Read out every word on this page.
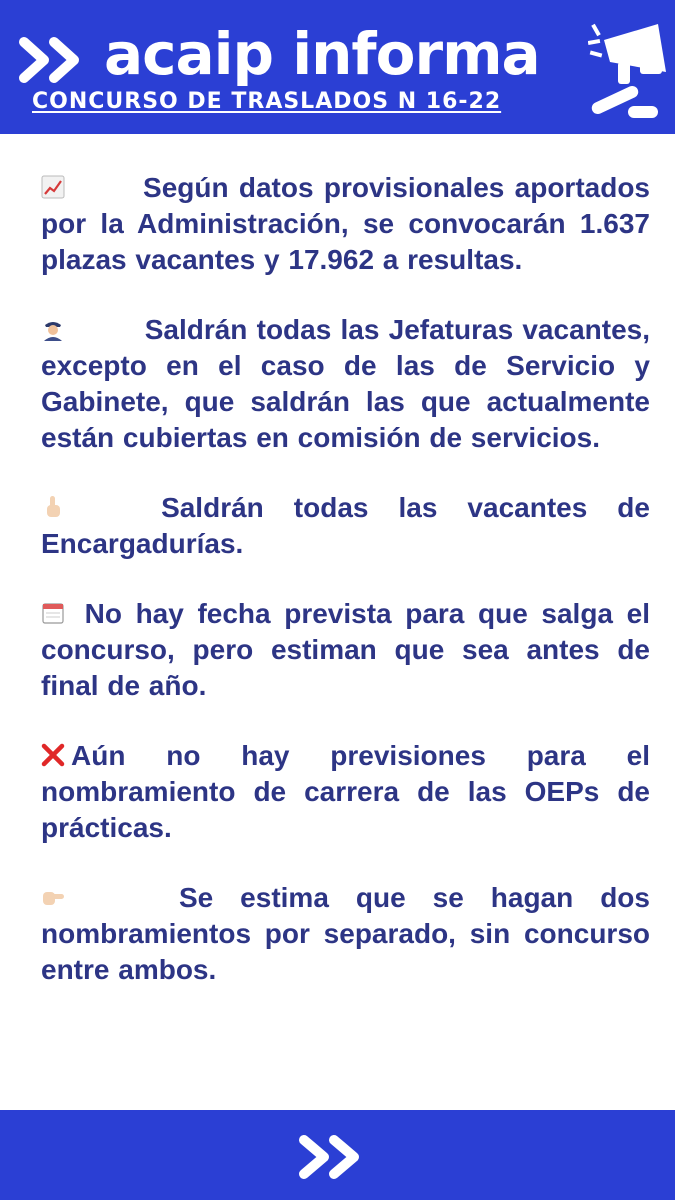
acaip informa
CONCURSO DE TRASLADOS N 16-22

Según datos provisionales aportados por la Administración, se convocarán 1.637 plazas vacantes y 17.962 a resultas.

Saldrán todas las Jefaturas vacantes, excepto en el caso de las de Servicio y Gabinete, que saldrán las que actualmente están cubiertas en comisión de servicios.

Saldrán todas las vacantes de Encargadurías.

No hay fecha prevista para que salga el concurso, pero estiman que sea antes de final de año.

Aún no hay previsiones para el nombramiento de carrera de las OEPs de prácticas.

Se estima que se hagan dos nombramientos por separado, sin concurso entre ambos.
